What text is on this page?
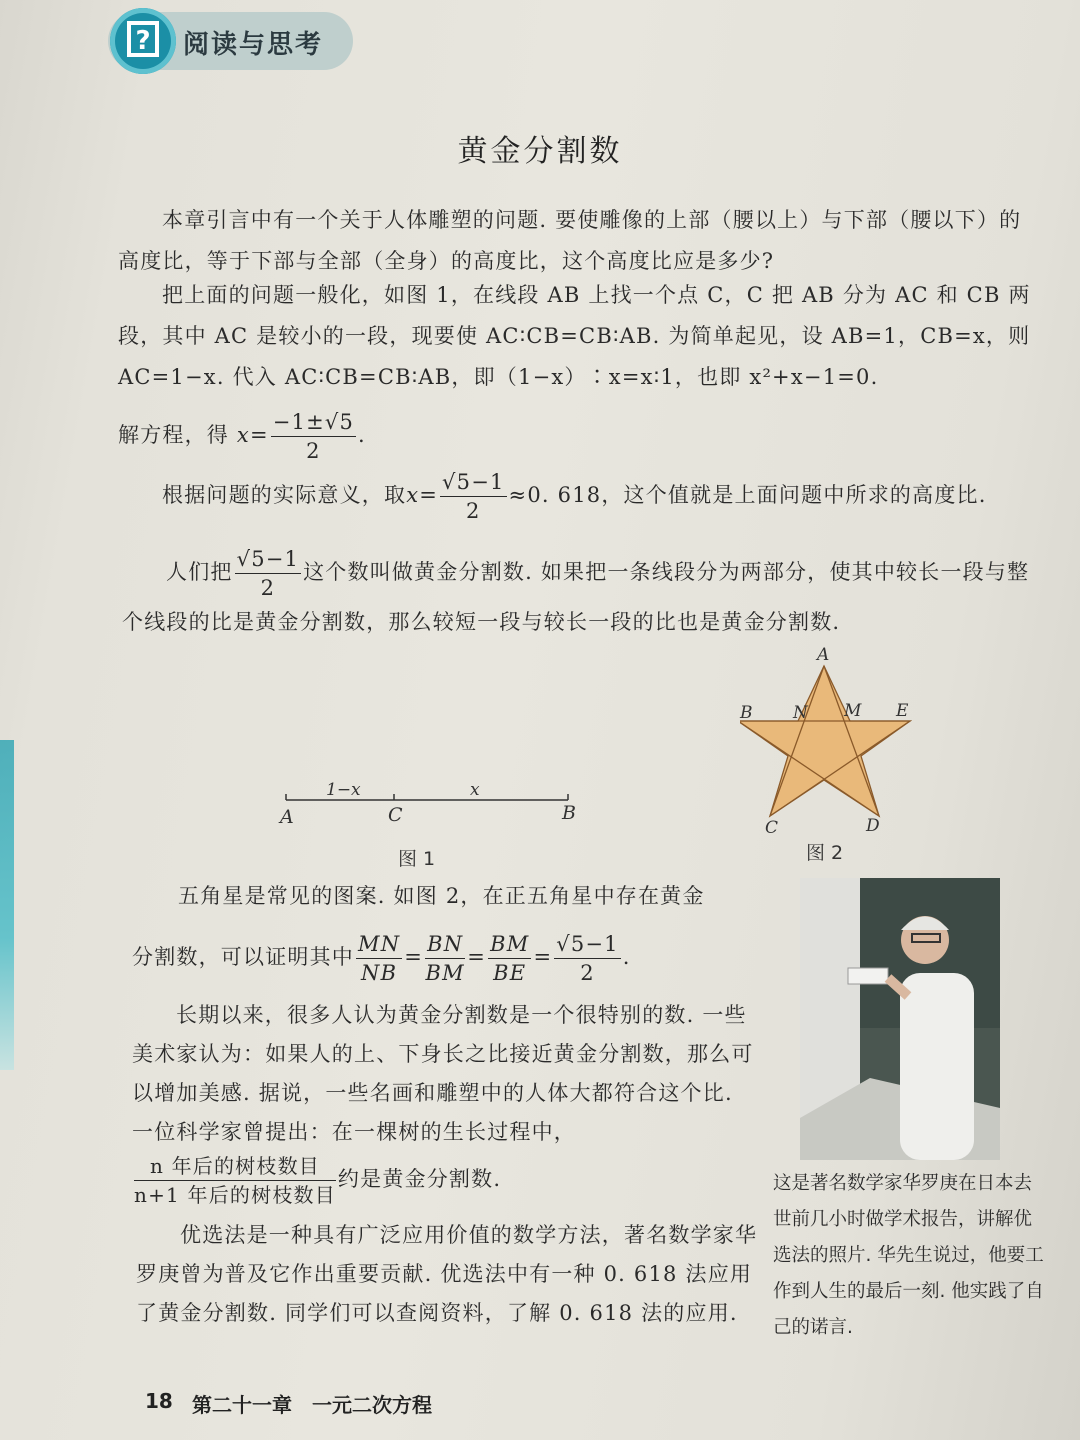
? 阅读与思考
黄金分割数

本章引言中有一个关于人体雕塑的问题. 要使雕像的上部（腰以上）与下部（腰以下）的高度比，等于下部与全部（全身）的高度比，这个高度比应是多少?

把上面的问题一般化，如图 1，在线段 AB 上找一个点 C，C 把 AB 分为 AC 和 CB 两段，其中 AC 是较小的一段，现要使 AC∶CB=CB∶AB. 为简单起见，设 AB=1，CB=x，则 AC=1−x. 代入 AC∶CB=CB∶AB，即（1−x）∶x=x∶1，也即 x²+x−1=0.

解方程，得 $x= \frac{-1\pm√5}{2}$ .
根据问题的实际意义，取$x= \frac{√5-1}{2} \approx 0$. 618，这个值就是上面问题中所求的高度比.
人们把 $\frac{√5-1}{2}$ 这个数叫做黄金分割数. 如果把一条线段分为两部分，使其中较长一段与整个线段的比是黄金分割数，那么较短一段与较长一段的比也是黄金分割数.
A	C	B
1−x	x
图 1
A
B N M E
C	D
图 2
五角星是常见的图案. 如图 2，在正五角星中存在黄金
分割数，可以证明其中 $\frac{MN}{NB} = \frac{BN}{BM} = \frac{BM}{BE} = \frac{√5-1}{2}$ .

长期以来，很多人认为黄金分割数是一个很特别的数. 一些美术家认为：如果人的上、下身长之比接近黄金分割数，那么可以增加美感. 据说，一些名画和雕塑中的人体大都符合这个比. 一位科学家曾提出：在一棵树的生长过程中，

$\frac{\text{n 年后的树枝数目}}{\text{n+1 年后的树枝数目}}$ 约是黄金分割数.

优选法是一种具有广泛应用价值的数学方法，著名数学家华罗庚曾为普及它作出重要贡献. 优选法中有一种 0. 618 法应用了黄金分割数. 同学们可以查阅资料，了解 0. 618 法的应用.

这是著名数学家华罗庚在日本去世前几小时做学术报告，讲解优选法的照片. 华先生说过，他要工作到人生的最后一刻. 他实践了自己的诺言.
18 第二十一章　一元二次方程
